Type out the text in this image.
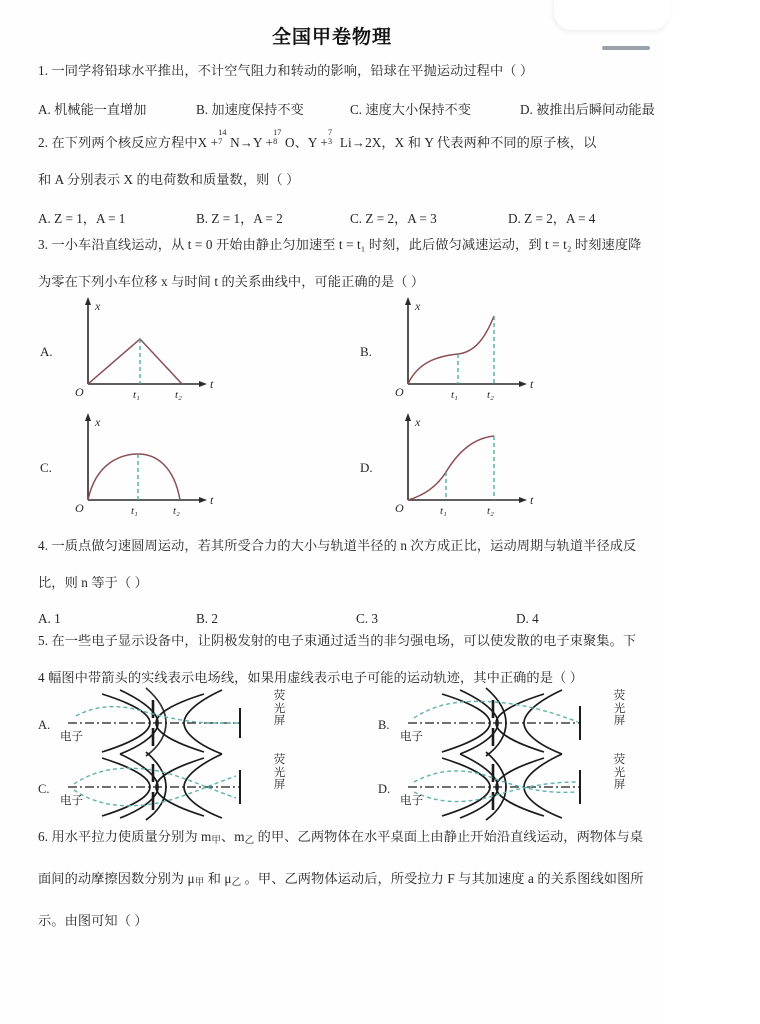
全国甲卷物理
1. 一同学将铅球水平推出，不计空气阻力和转动的影响，铅球在平抛运动过程中（ ）
A. 机械能一直增加	B. 加速度保持不变	C. 速度大小保持不变	D. 被推出后瞬间动能最
2. 在下列两个核反应方程中X +
14
7 N→Y +
17
8 O、Y +
7
3 Li→2X，X 和 Y 代表两种不同的原子核，以
和 A 分别表示 X 的电荷数和质量数，则（ ）
A. Z = 1，A = 1	B. Z = 1，A = 2	C. Z = 2，A = 3	D. Z = 2，A = 4
3. 一小车沿直线运动，从 t = 0 开始由静止匀加速至 t = t₁ 时刻，此后做匀减速运动，到 t = t₂ 时刻速度降
为零在下列小车位移 x 与时间 t 的关系曲线中，可能正确的是（ ）
A.
x
O	t₁	t₂
t
B.
x
O	t₁	t₂
t
C.
x
O	t₁	t₂
t
D.
x
O	t₁	t₂
t
4. 一质点做匀速圆周运动，若其所受合力的大小与轨道半径的 n 次方成正比，运动周期与轨道半径成反
比，则 n 等于（ ）
A. 1	B. 2	C. 3	D. 4
5. 在一些电子显示设备中，让阴极发射的电子束通过适当的非匀强电场，可以使发散的电子束聚集。下
4 幅图中带箭头的实线表示电场线，如果用虚线表示电子可能的运动轨迹，其中正确的是（ ）
A.
电子
荧光屏	B.
电子
荧光屏
C.
电子
荧光屏	D.
电子
荧光屏
6. 用水平拉力使质量分别为 m甲、m乙 的甲、乙两物体在水平桌面上由静止开始沿直线运动，两物体与桌
面间的动摩擦因数分别为 μ甲 和 μ乙 。甲、乙两物体运动后，所受拉力 F 与其加速度 a 的关系图线如图所
示。由图可知（ ）
